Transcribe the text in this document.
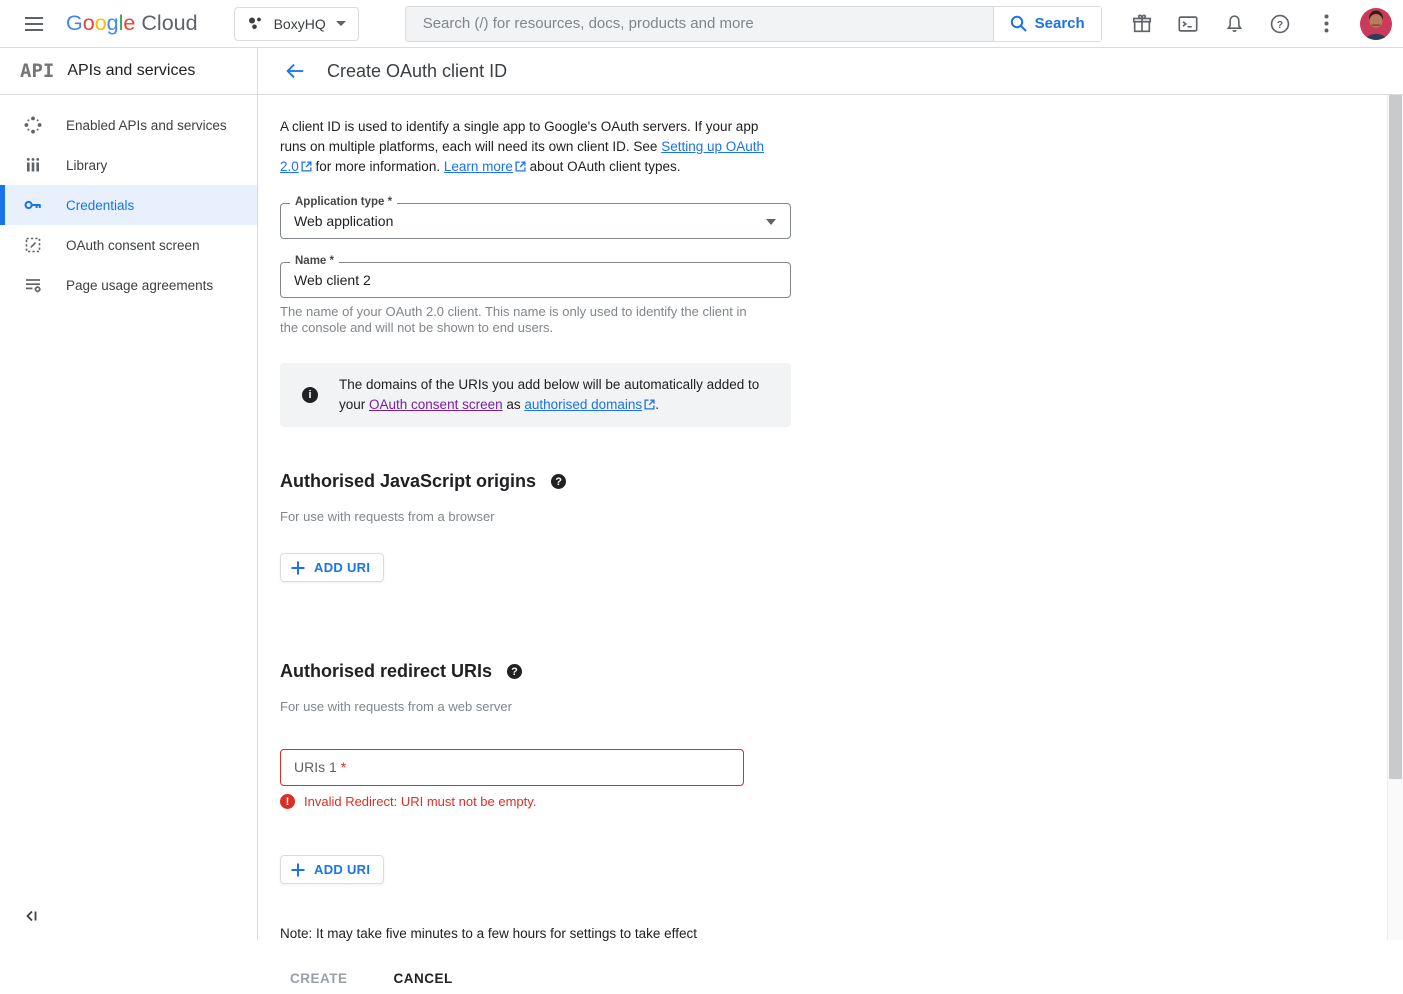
G o o g l e Cloud	BoxyHQ
Search (/) for resources, docs, products and more	Search	?
API APIs and services
Enabled APIs and services
Library
Credentials
OAuth consent screen
Page usage agreements
Create OAuth client ID

A client ID is used to identify a single app to Google's OAuth servers. If your app runs on multiple platforms, each will need its own client ID. See Setting up OAuth 2.0
for more information. Learn more
about OAuth client types.

Application type *
Web application
Name *
Web client 2

The name of your OAuth 2.0 client. This name is only used to identify the client in the console and will not be shown to end users.

i

The domains of the URIs you add below will be automatically added to your OAuth consent screen as authorised domains .

Authorised JavaScript origins	?

For use with requests from a browser

ADD URI
Authorised redirect URIs	?

For use with requests from a web server

URIs 1 *
!	Invalid Redirect: URI must not be empty.

ADD URI

Note: It may take five minutes to a few hours for settings to take effect

CREATE	CANCEL
